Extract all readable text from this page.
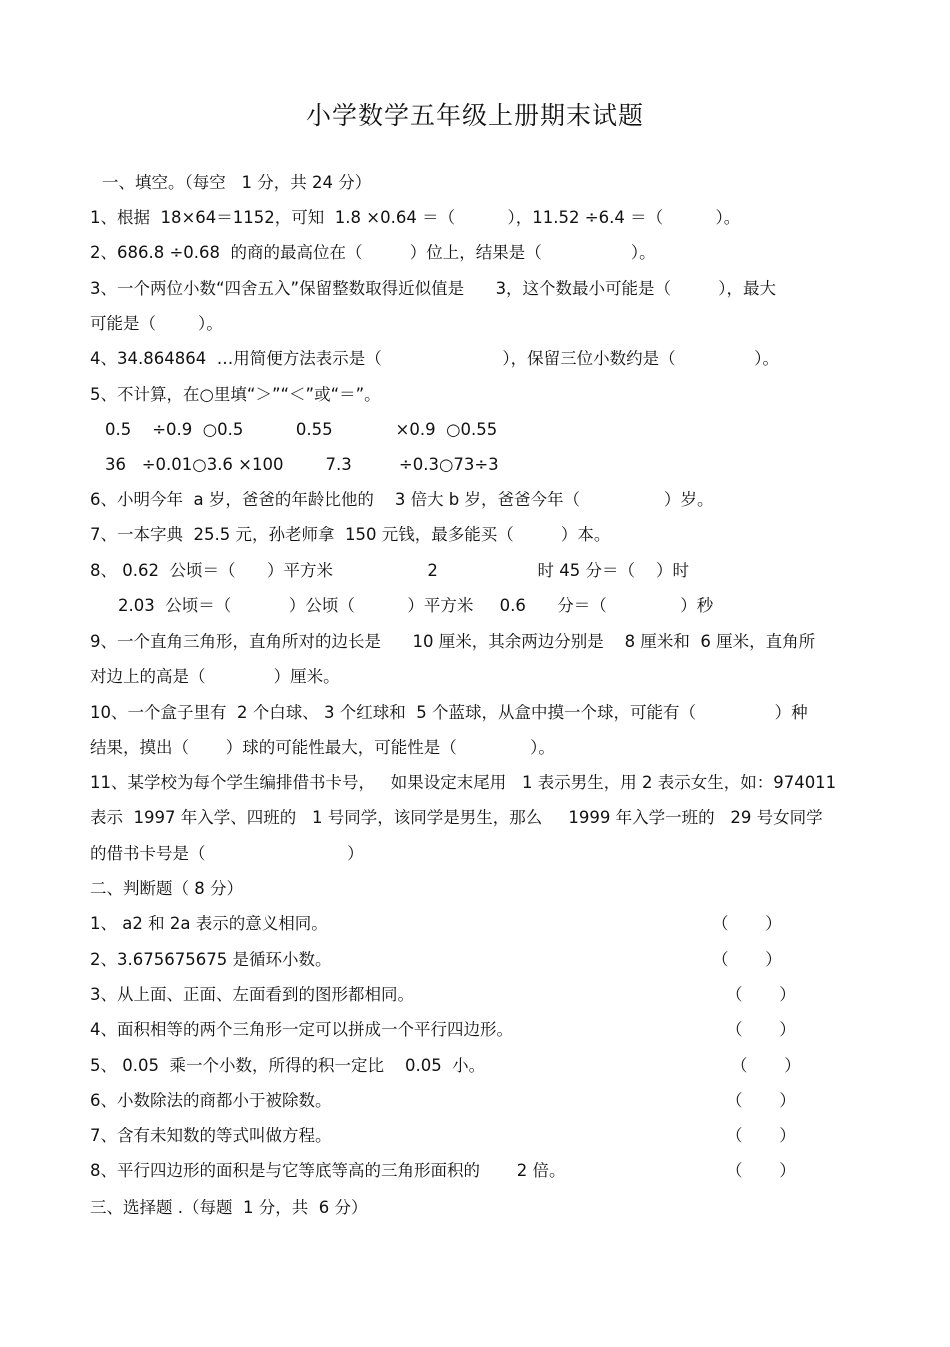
小学数学五年级上册期末试题
一、填空。（每空   1 分，共 24 分）
1、根据  18×64＝1152，可知  1.8 ×0.64 ＝（          ），11.52 ÷6.4 ＝（          ）。
2、686.8 ÷0.68  的商的最高位在（         ）位上，结果是（                 ）。
3、一个两位小数“四舍五入”保留整数取得近似值是      3，这个数最小可能是（         ），最大
可能是（        ）。
4、34.864864  …用简便方法表示是（                       ），保留三位小数约是（               ）。
5、不计算，在○里填“＞”“＜”或“＝”。
0.5    ÷0.9  ○0.5          0.55            ×0.9  ○0.55
36   ÷0.01○3.6 ×100        7.3         ÷0.3○73÷3
6、小明今年  a 岁，爸爸的年龄比他的    3 倍大 b 岁，爸爸今年（                ）岁。
7、一本字典  25.5 元，孙老师拿  150 元钱，最多能买（         ）本。
8、 0.62  公顷＝（      ）平方米                  2                   时 45 分＝（    ）时
2.03  公顷＝（           ）公顷（          ）平方米     0.6      分＝（              ）秒
9、一个直角三角形，直角所对的边长是      10 厘米，其余两边分别是    8 厘米和  6 厘米，直角所
对边上的高是（             ）厘米。
10、一个盒子里有  2 个白球、 3 个红球和  5 个蓝球，从盒中摸一个球，可能有（               ）种
结果，摸出（       ）球的可能性最大，可能性是（              ）。
11、某学校为每个学生编排借书卡号，   如果设定末尾用   1 表示男生，用 2 表示女生，如：974011
表示  1997 年入学、四班的   1 号同学，该同学是男生，那么     1999 年入学一班的   29 号女同学
的借书卡号是（                           ）
二、判断题（ 8 分）
1、 a2 和 2a 表示的意义相同。	（       ）
2、3.675675675 是循环小数。	（       ）
3、从上面、正面、左面看到的图形都相同。	（       ）
4、面积相等的两个三角形一定可以拼成一个平行四边形。	（       ）
5、 0.05  乘一个小数，所得的积一定比    0.05  小。	（       ）
6、小数除法的商都小于被除数。	（       ）
7、含有未知数的等式叫做方程。	（       ）
8、平行四边形的面积是与它等底等高的三角形面积的       2 倍。	（       ）
三、选择题 .（每题  1 分，共  6 分）
